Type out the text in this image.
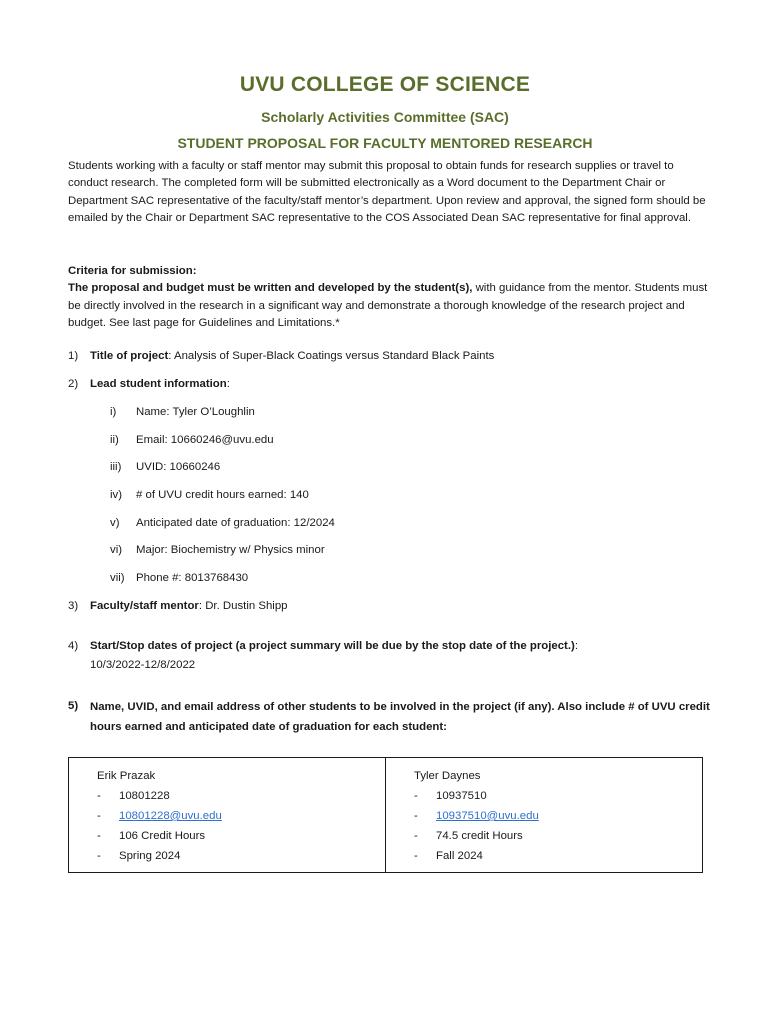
UVU COLLEGE OF SCIENCE
Scholarly Activities Committee (SAC)
STUDENT PROPOSAL FOR FACULTY MENTORED RESEARCH
Students working with a faculty or staff mentor may submit this proposal to obtain funds for research supplies or travel to conduct research. The completed form will be submitted electronically as a Word document to the Department Chair or Department SAC representative of the faculty/staff mentor’s department. Upon review and approval, the signed form should be emailed by the Chair or Department SAC representative to the COS Associated Dean SAC representative for final approval.
Criteria for submission:
The proposal and budget must be written and developed by the student(s), with guidance from the mentor. Students must be directly involved in the research in a significant way and demonstrate a thorough knowledge of the research project and budget. See last page for Guidelines and Limitations.*
1) Title of project: Analysis of Super-Black Coatings versus Standard Black Paints
2) Lead student information:
i) Name: Tyler O’Loughlin
ii) Email: 10660246@uvu.edu
iii) UVID: 10660246
iv) # of UVU credit hours earned: 140
v) Anticipated date of graduation: 12/2024
vi) Major: Biochemistry w/ Physics minor
vii) Phone #: 8013768430
3) Faculty/staff mentor: Dr. Dustin Shipp
4) Start/Stop dates of project (a project summary will be due by the stop date of the project.):
10/3/2022-12/8/2022
5) Name, UVID, and email address of other students to be involved in the project (if any). Also include # of UVU credit hours earned and anticipated date of graduation for each student:
Erik Prazak
- 10801228
- 10801228@uvu.edu
- 106 Credit Hours
- Spring 2024

Tyler Daynes
- 10937510
- 10937510@uvu.edu
- 74.5 credit Hours
- Fall 2024
